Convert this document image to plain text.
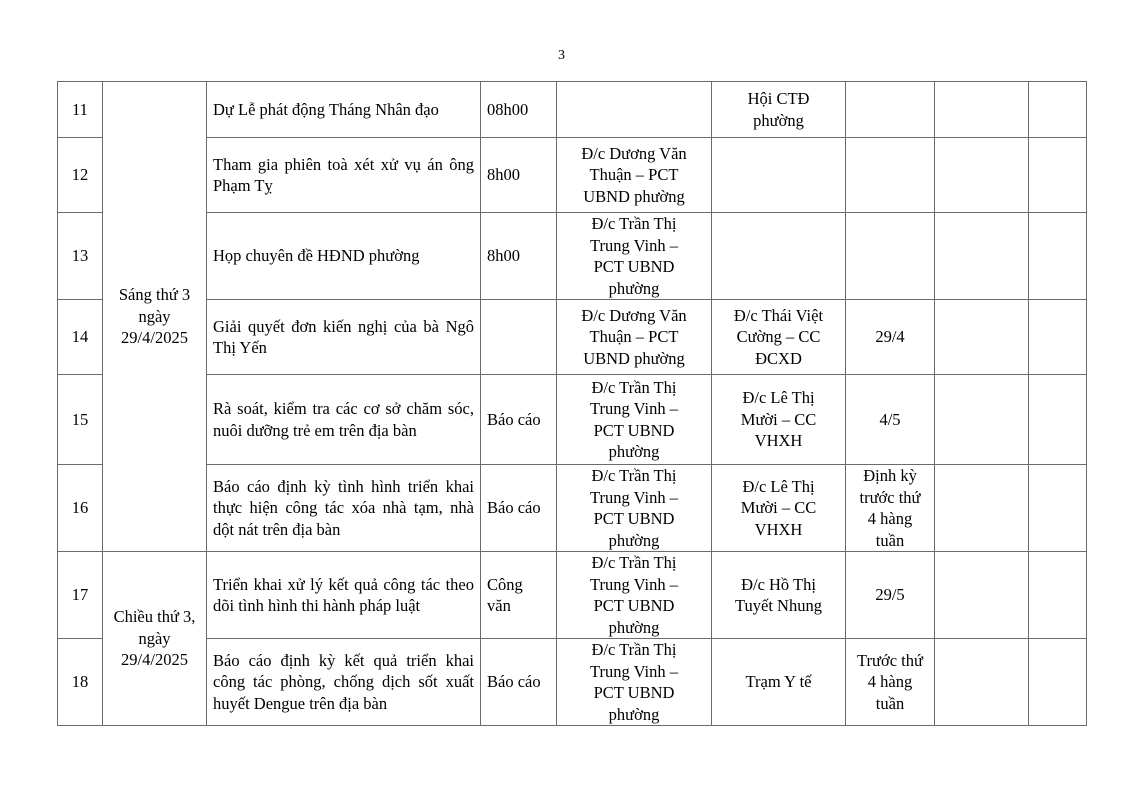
3
11	Sáng thứ 3 ngày 29/4/2025	Dự Lễ phát động Tháng Nhân đạo	08h00		Hội CTĐ phường			
12		Tham gia phiên toà xét xử vụ án ông Phạm Tỵ	8h00	Đ/c Dương Văn Thuận – PCT UBND phường				
13		Họp chuyên đề HĐND phường	8h00	Đ/c Trần Thị Trung Vinh – PCT UBND phường				
14		Giải quyết đơn kiến nghị của bà Ngô Thị Yến		Đ/c Dương Văn Thuận – PCT UBND phường	Đ/c Thái Việt Cường – CC ĐCXD	29/4		
15		Rà soát, kiểm tra các cơ sở chăm sóc, nuôi dưỡng trẻ em trên địa bàn	Báo cáo	Đ/c Trần Thị Trung Vinh – PCT UBND phường	Đ/c Lê Thị Mười – CC VHXH	4/5		
16		Báo cáo định kỳ tình hình triển khai thực hiện công tác xóa nhà tạm, nhà dột nát trên địa bàn	Báo cáo	Đ/c Trần Thị Trung Vinh – PCT UBND phường	Đ/c Lê Thị Mười – CC VHXH	Định kỳ trước thứ 4 hàng tuần		
17	Chiều thứ 3, ngày 29/4/2025	Triển khai xử lý kết quả công tác theo dõi tình hình thi hành pháp luật	Công văn	Đ/c Trần Thị Trung Vinh – PCT UBND phường	Đ/c Hồ Thị Tuyết Nhung	29/5		
18		Báo cáo định kỳ kết quả triển khai công tác phòng, chống dịch sốt xuất huyết Dengue trên địa bàn	Báo cáo	Đ/c Trần Thị Trung Vinh – PCT UBND phường	Trạm Y tế	Trước thứ 4 hàng tuần		
